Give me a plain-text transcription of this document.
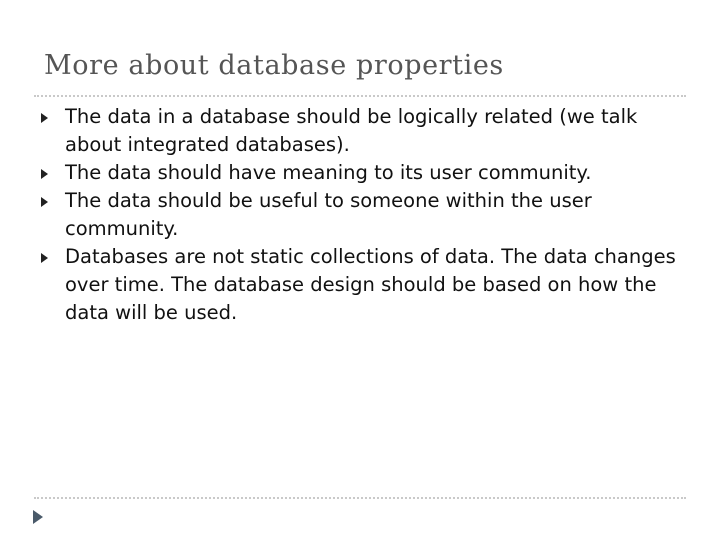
More about database properties
The data in a database should be logically related (we talk about integrated databases).
The data should have meaning to its user community.
The data should be useful to someone within the user community.
Databases are not static collections of data. The data changes over time. The database design should be based on how the data will be used.
